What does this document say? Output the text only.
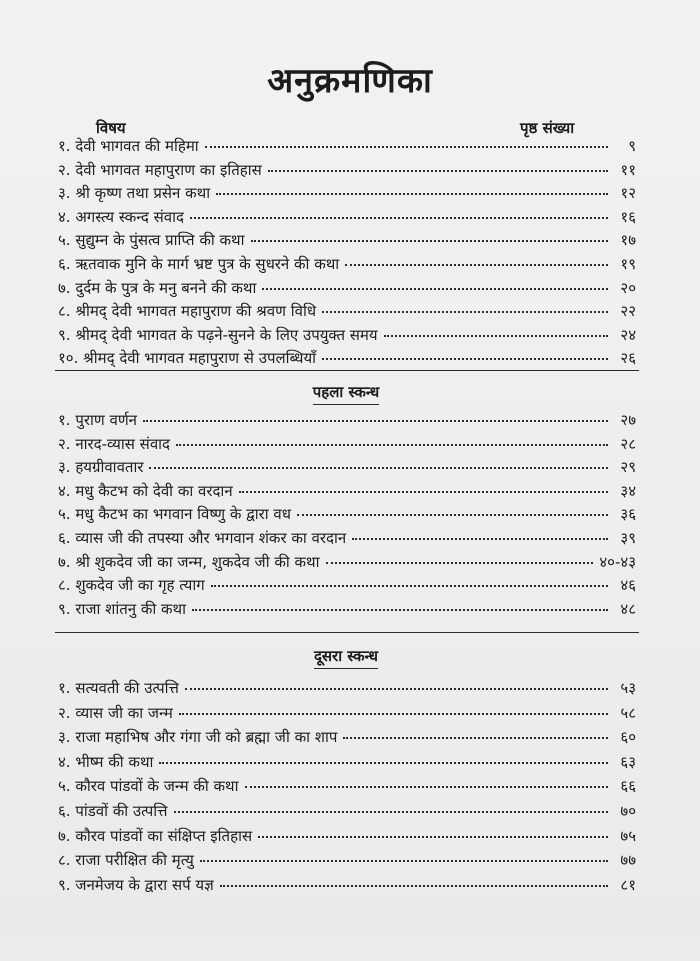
अनुक्रमणिका
विषय	पृष्ठ संख्या
१. देवी भागवत की महिमा	९
२. देवी भागवत महापुराण का इतिहास	११
३. श्री कृष्ण तथा प्रसेन कथा	१२
४. अगस्त्य स्कन्द संवाद	१६
५. सुद्युम्न के पुंसत्व प्राप्ति की कथा	१७
६. ऋतवाक मुनि के मार्ग भ्रष्ट पुत्र के सुधरने की कथा	१९
७. दुर्दम के पुत्र के मनु बनने की कथा	२०
८. श्रीमद् देवी भागवत महापुराण की श्रवण विधि	२२
९. श्रीमद् देवी भागवत के पढ़ने-सुनने के लिए उपयुक्त समय	२४
१०. श्रीमद् देवी भागवत महापुराण से उपलब्धियाँ	२६
पहला स्कन्ध
१. पुराण वर्णन	२७
२. नारद-व्यास संवाद	२८
३. हयग्रीवावतार	२९
४. मधु कैटभ को देवी का वरदान	३४
५. मधु कैटभ का भगवान विष्णु के द्वारा वध	३६
६. व्यास जी की तपस्या और भगवान शंकर का वरदान	३९
७. श्री शुकदेव जी का जन्म, शुकदेव जी की कथा	४०-४३
८. शुकदेव जी का गृह त्याग	४६
९. राजा शांतनु की कथा	४८
दूसरा स्कन्ध
१. सत्यवती की उत्पत्ति	५३
२. व्यास जी का जन्म	५८
३. राजा महाभिष और गंगा जी को ब्रह्मा जी का शाप	६०
४. भीष्म की कथा	६३
५. कौरव पांडवों के जन्म की कथा	६६
६. पांडवों की उत्पत्ति	७०
७. कौरव पांडवों का संक्षिप्त इतिहास	७५
८. राजा परीक्षित की मृत्यु	७७
९. जनमेजय के द्वारा सर्प यज्ञ	८१
